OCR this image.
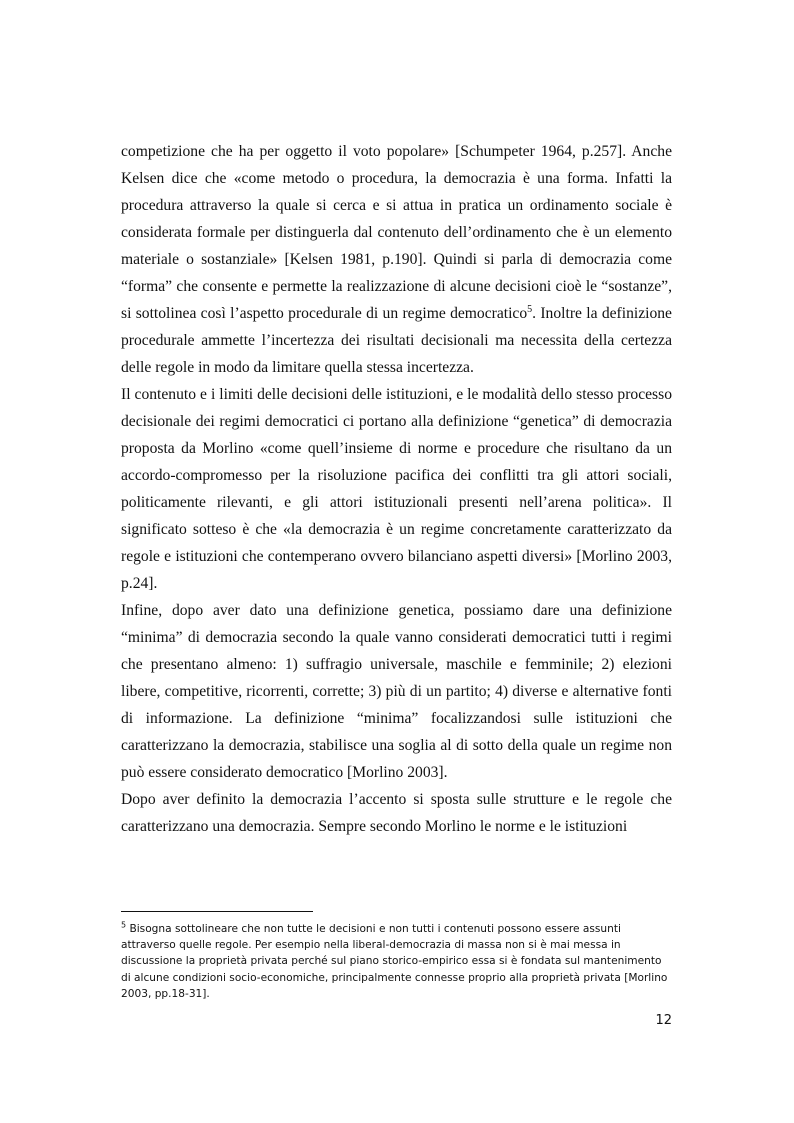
competizione che ha per oggetto il voto popolare» [Schumpeter 1964, p.257]. Anche Kelsen dice che «come metodo o procedura, la democrazia è una forma. Infatti la procedura attraverso la quale si cerca e si attua in pratica un ordinamento sociale è considerata formale per distinguerla dal contenuto dell’ordinamento che è un elemento materiale o sostanziale» [Kelsen 1981, p.190]. Quindi si parla di democrazia come “forma” che consente e permette la realizzazione di alcune decisioni cioè le “sostanze”, si sottolinea così l’aspetto procedurale di un regime democratico$^5$. Inoltre la definizione procedurale ammette l’incertezza dei risultati decisionali ma necessita della certezza delle regole in modo da limitare quella stessa incertezza.

Il contenuto e i limiti delle decisioni delle istituzioni, e le modalità dello stesso processo decisionale dei regimi democratici ci portano alla definizione “genetica” di democrazia proposta da Morlino «come quell’insieme di norme e procedure che risultano da un accordo-compromesso per la risoluzione pacifica dei conflitti tra gli attori sociali, politicamente rilevanti, e gli attori istituzionali presenti nell’arena politica». Il significato sotteso è che «la democrazia è un regime concretamente caratterizzato da regole e istituzioni che contemperano ovvero bilanciano aspetti diversi» [Morlino 2003, p.24].

Infine, dopo aver dato una definizione genetica, possiamo dare una definizione “minima” di democrazia secondo la quale vanno considerati democratici tutti i regimi che presentano almeno: 1) suffragio universale, maschile e femminile; 2) elezioni libere, competitive, ricorrenti, corrette; 3) più di un partito; 4) diverse e alternative fonti di informazione. La definizione “minima” focalizzandosi sulle istituzioni che caratterizzano la democrazia, stabilisce una soglia al di sotto della quale un regime non può essere considerato democratico [Morlino 2003].

Dopo aver definito la democrazia l’accento si sposta sulle strutture e le regole che caratterizzano una democrazia. Sempre secondo Morlino le norme e le istituzioni

$^5$ Bisogna sottolineare che non tutte le decisioni e non tutti i contenuti possono essere assunti attraverso quelle regole. Per esempio nella liberal-democrazia di massa non si è mai messa in discussione la proprietà privata perché sul piano storico-empirico essa si è fondata sul mantenimento di alcune condizioni socio-economiche, principalmente connesse proprio alla proprietà privata [Morlino 2003, pp.18-31].

12
